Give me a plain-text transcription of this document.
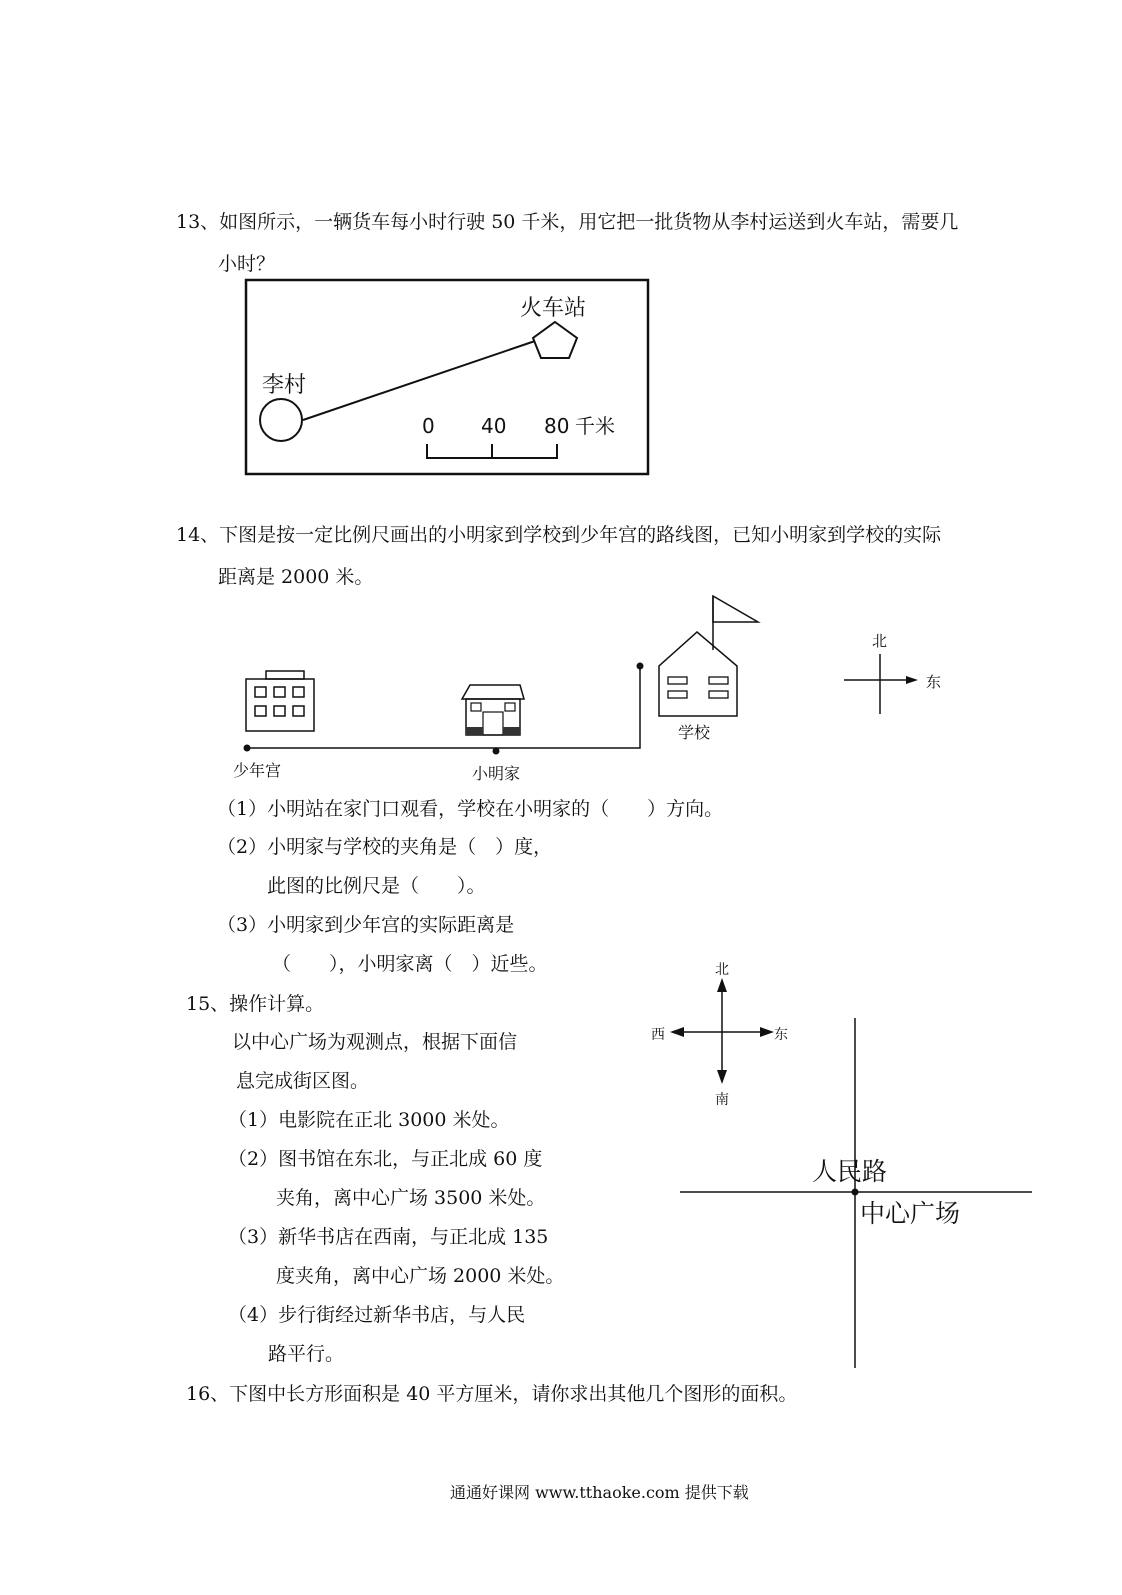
13、如图所示，一辆货车每小时行驶 50 千米，用它把一批货物从李村运送到火车站，需要几
小时？
火车站
李村
0 40 80 千米
少年宫	小明家
学校
北
东
北
南
西	东
人民路
中心广场
14、下图是按一定比例尺画出的小明家到学校到少年宫的路线图，已知小明家到学校的实际
距离是 2000 米。
（1）小明站在家门口观看，学校在小明家的（　　）方向。
（2）小明家与学校的夹角是（　）度，
此图的比例尺是（　　）。
（3）小明家到少年宫的实际距离是
（　　），小明家离（　）近些。
15、操作计算。
以中心广场为观测点，根据下面信
息完成街区图。
（1）电影院在正北 3000 米处。
（2）图书馆在东北，与正北成 60 度
夹角，离中心广场 3500 米处。
（3）新华书店在西南，与正北成 135
度夹角，离中心广场 2000 米处。
（4）步行街经过新华书店，与人民
路平行。
16、下图中长方形面积是 40 平方厘米，请你求出其他几个图形的面积。
通通好课网 www.tthaoke.com 提供下载
